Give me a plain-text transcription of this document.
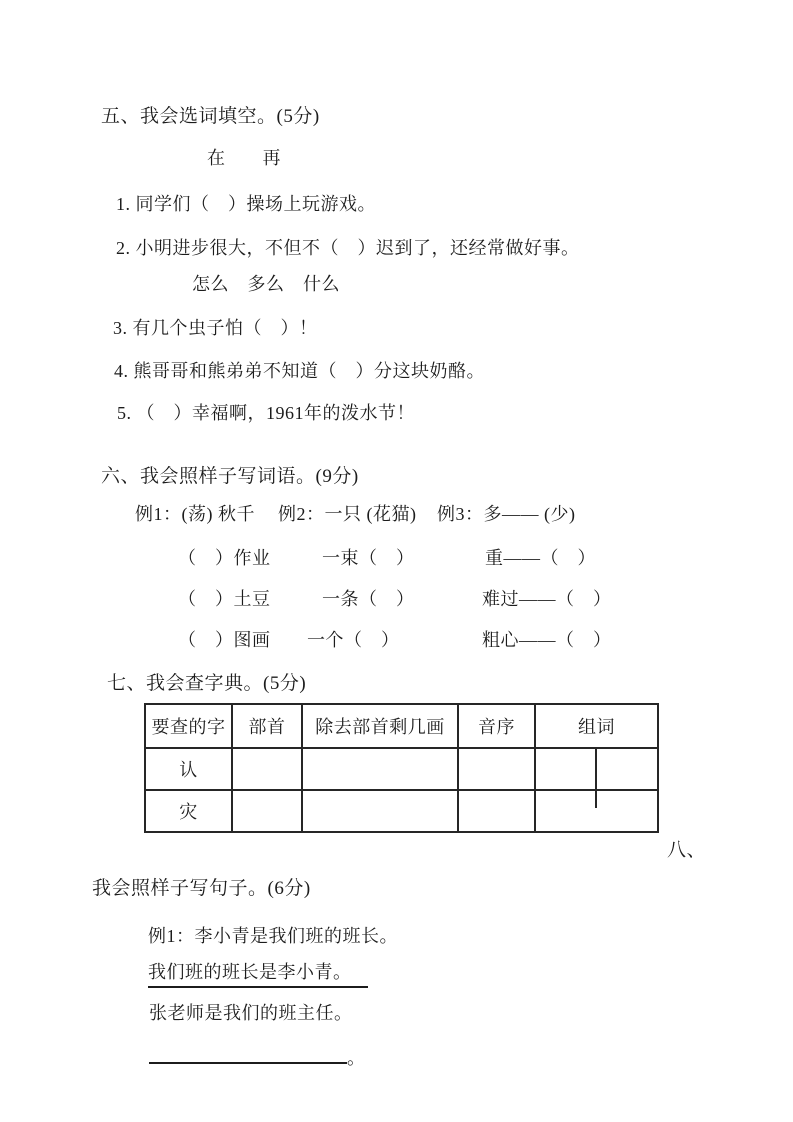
五、我会选词填空。(5分)
在　　再
1. 同学们（　）操场上玩游戏。
2. 小明进步很大，不但不（　）迟到了，还经常做好事。
怎么　多么　什么
3. 有几个虫子怕（　）！
4. 熊哥哥和熊弟弟不知道（　）分这块奶酪。
5. （　）幸福啊，1961年的泼水节！
六、我会照样子写词语。(9分)
例1：(荡) 秋千 例2：一只 (花猫) 例3：多—— (少)
（　）作业	一束（　）	重——（　）
（　）土豆	一条（　）	难过——（　）
（　）图画 一个（　）	粗心——（　）
七、我会查字典。(5分)
要查的字	部首	除去部首剩几画	音序	组词
认				
灾				
八、
我会照样子写句子。(6分)
例1：李小青是我们班的班长。
我们班的班长是李小青。
张老师是我们的班主任。
。
